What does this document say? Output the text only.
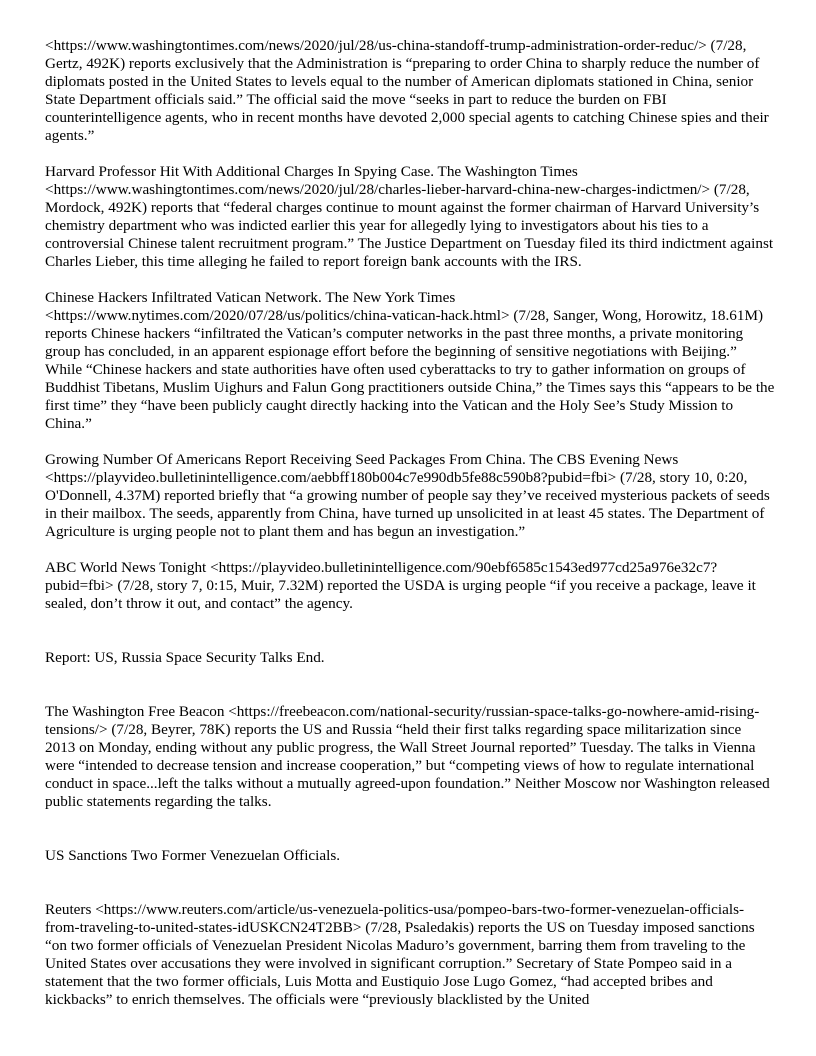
<https://www.washingtontimes.com/news/2020/jul/28/us-china-standoff-trump-administration-order-reduc/> (7/28, Gertz, 492K) reports exclusively that the Administration is “preparing to order China to sharply reduce the number of diplomats posted in the United States to levels equal to the number of American diplomats stationed in China, senior State Department officials said.” The official said the move “seeks in part to reduce the burden on FBI counterintelligence agents, who in recent months have devoted 2,000 special agents to catching Chinese spies and their agents.”

Harvard Professor Hit With Additional Charges In Spying Case. The Washington Times <https://www.washingtontimes.com/news/2020/jul/28/charles-lieber-harvard-china-new-charges-indictmen/> (7/28, Mordock, 492K) reports that “federal charges continue to mount against the former chairman of Harvard University’s chemistry department who was indicted earlier this year for allegedly lying to investigators about his ties to a controversial Chinese talent recruitment program.” The Justice Department on Tuesday filed its third indictment against Charles Lieber, this time alleging he failed to report foreign bank accounts with the IRS.

Chinese Hackers Infiltrated Vatican Network. The New York Times <https://www.nytimes.com/2020/07/28/us/politics/china-vatican-hack.html> (7/28, Sanger, Wong, Horowitz, 18.61M) reports Chinese hackers “infiltrated the Vatican’s computer networks in the past three months, a private monitoring group has concluded, in an apparent espionage effort before the beginning of sensitive negotiations with Beijing.” While “Chinese hackers and state authorities have often used cyberattacks to try to gather information on groups of Buddhist Tibetans, Muslim Uighurs and Falun Gong practitioners outside China,” the Times says this “appears to be the first time” they “have been publicly caught directly hacking into the Vatican and the Holy See’s Study Mission to China.”

Growing Number Of Americans Report Receiving Seed Packages From China. The CBS Evening News <https://playvideo.bulletinintelligence.com/aebbff180b004c7e990db5fe88c590b8?pubid=fbi> (7/28, story 10, 0:20, O'Donnell, 4.37M) reported briefly that “a growing number of people say they’ve received mysterious packets of seeds in their mailbox. The seeds, apparently from China, have turned up unsolicited in at least 45 states. The Department of Agriculture is urging people not to plant them and has begun an investigation.”

ABC World News Tonight <https://playvideo.bulletinintelligence.com/90ebf6585c1543ed977cd25a976e32c7?pubid=fbi> (7/28, story 7, 0:15, Muir, 7.32M) reported the USDA is urging people “if you receive a package, leave it sealed, don’t throw it out, and contact” the agency.

Report: US, Russia Space Security Talks End.

The Washington Free Beacon <https://freebeacon.com/national-security/russian-space-talks-go-nowhere-amid-rising-tensions/> (7/28, Beyrer, 78K) reports the US and Russia “held their first talks regarding space militarization since 2013 on Monday, ending without any public progress, the Wall Street Journal reported” Tuesday. The talks in Vienna were “intended to decrease tension and increase cooperation,” but “competing views of how to regulate international conduct in space...left the talks without a mutually agreed-upon foundation.” Neither Moscow nor Washington released public statements regarding the talks.

US Sanctions Two Former Venezuelan Officials.

Reuters <https://www.reuters.com/article/us-venezuela-politics-usa/pompeo-bars-two-former-venezuelan-officials-from-traveling-to-united-states-idUSKCN24T2BB> (7/28, Psaledakis) reports the US on Tuesday imposed sanctions “on two former officials of Venezuelan President Nicolas Maduro’s government, barring them from traveling to the United States over accusations they were involved in significant corruption.” Secretary of State Pompeo said in a statement that the two former officials, Luis Motta and Eustiquio Jose Lugo Gomez, “had accepted bribes and kickbacks” to enrich themselves. The officials were “previously blacklisted by the United
